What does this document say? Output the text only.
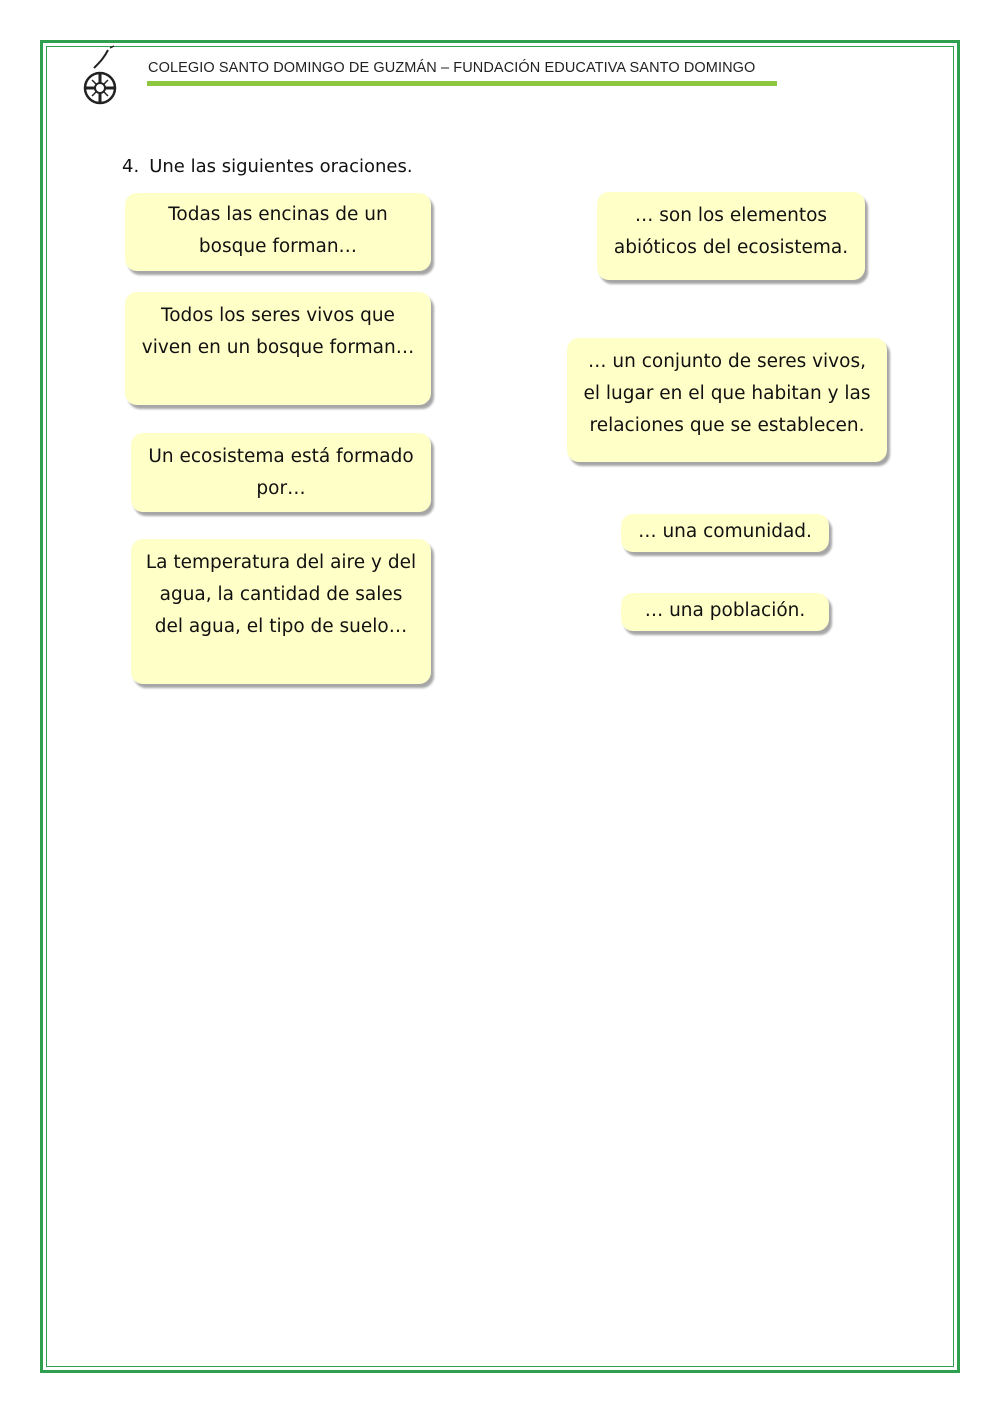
COLEGIO SANTO DOMINGO DE GUZMÁN – FUNDACIÓN EDUCATIVA SANTO DOMINGO
4. Une las siguientes oraciones.
Todas las encinas de un bosque forman…
Todos los seres vivos que viven en un bosque forman…
Un ecosistema está formado por…
La temperatura del aire y del agua, la cantidad de sales del agua, el tipo de suelo…
… son los elementos abióticos del ecosistema.
… un conjunto de seres vivos, el lugar en el que habitan y las relaciones que se establecen.
… una comunidad.
… una población.
